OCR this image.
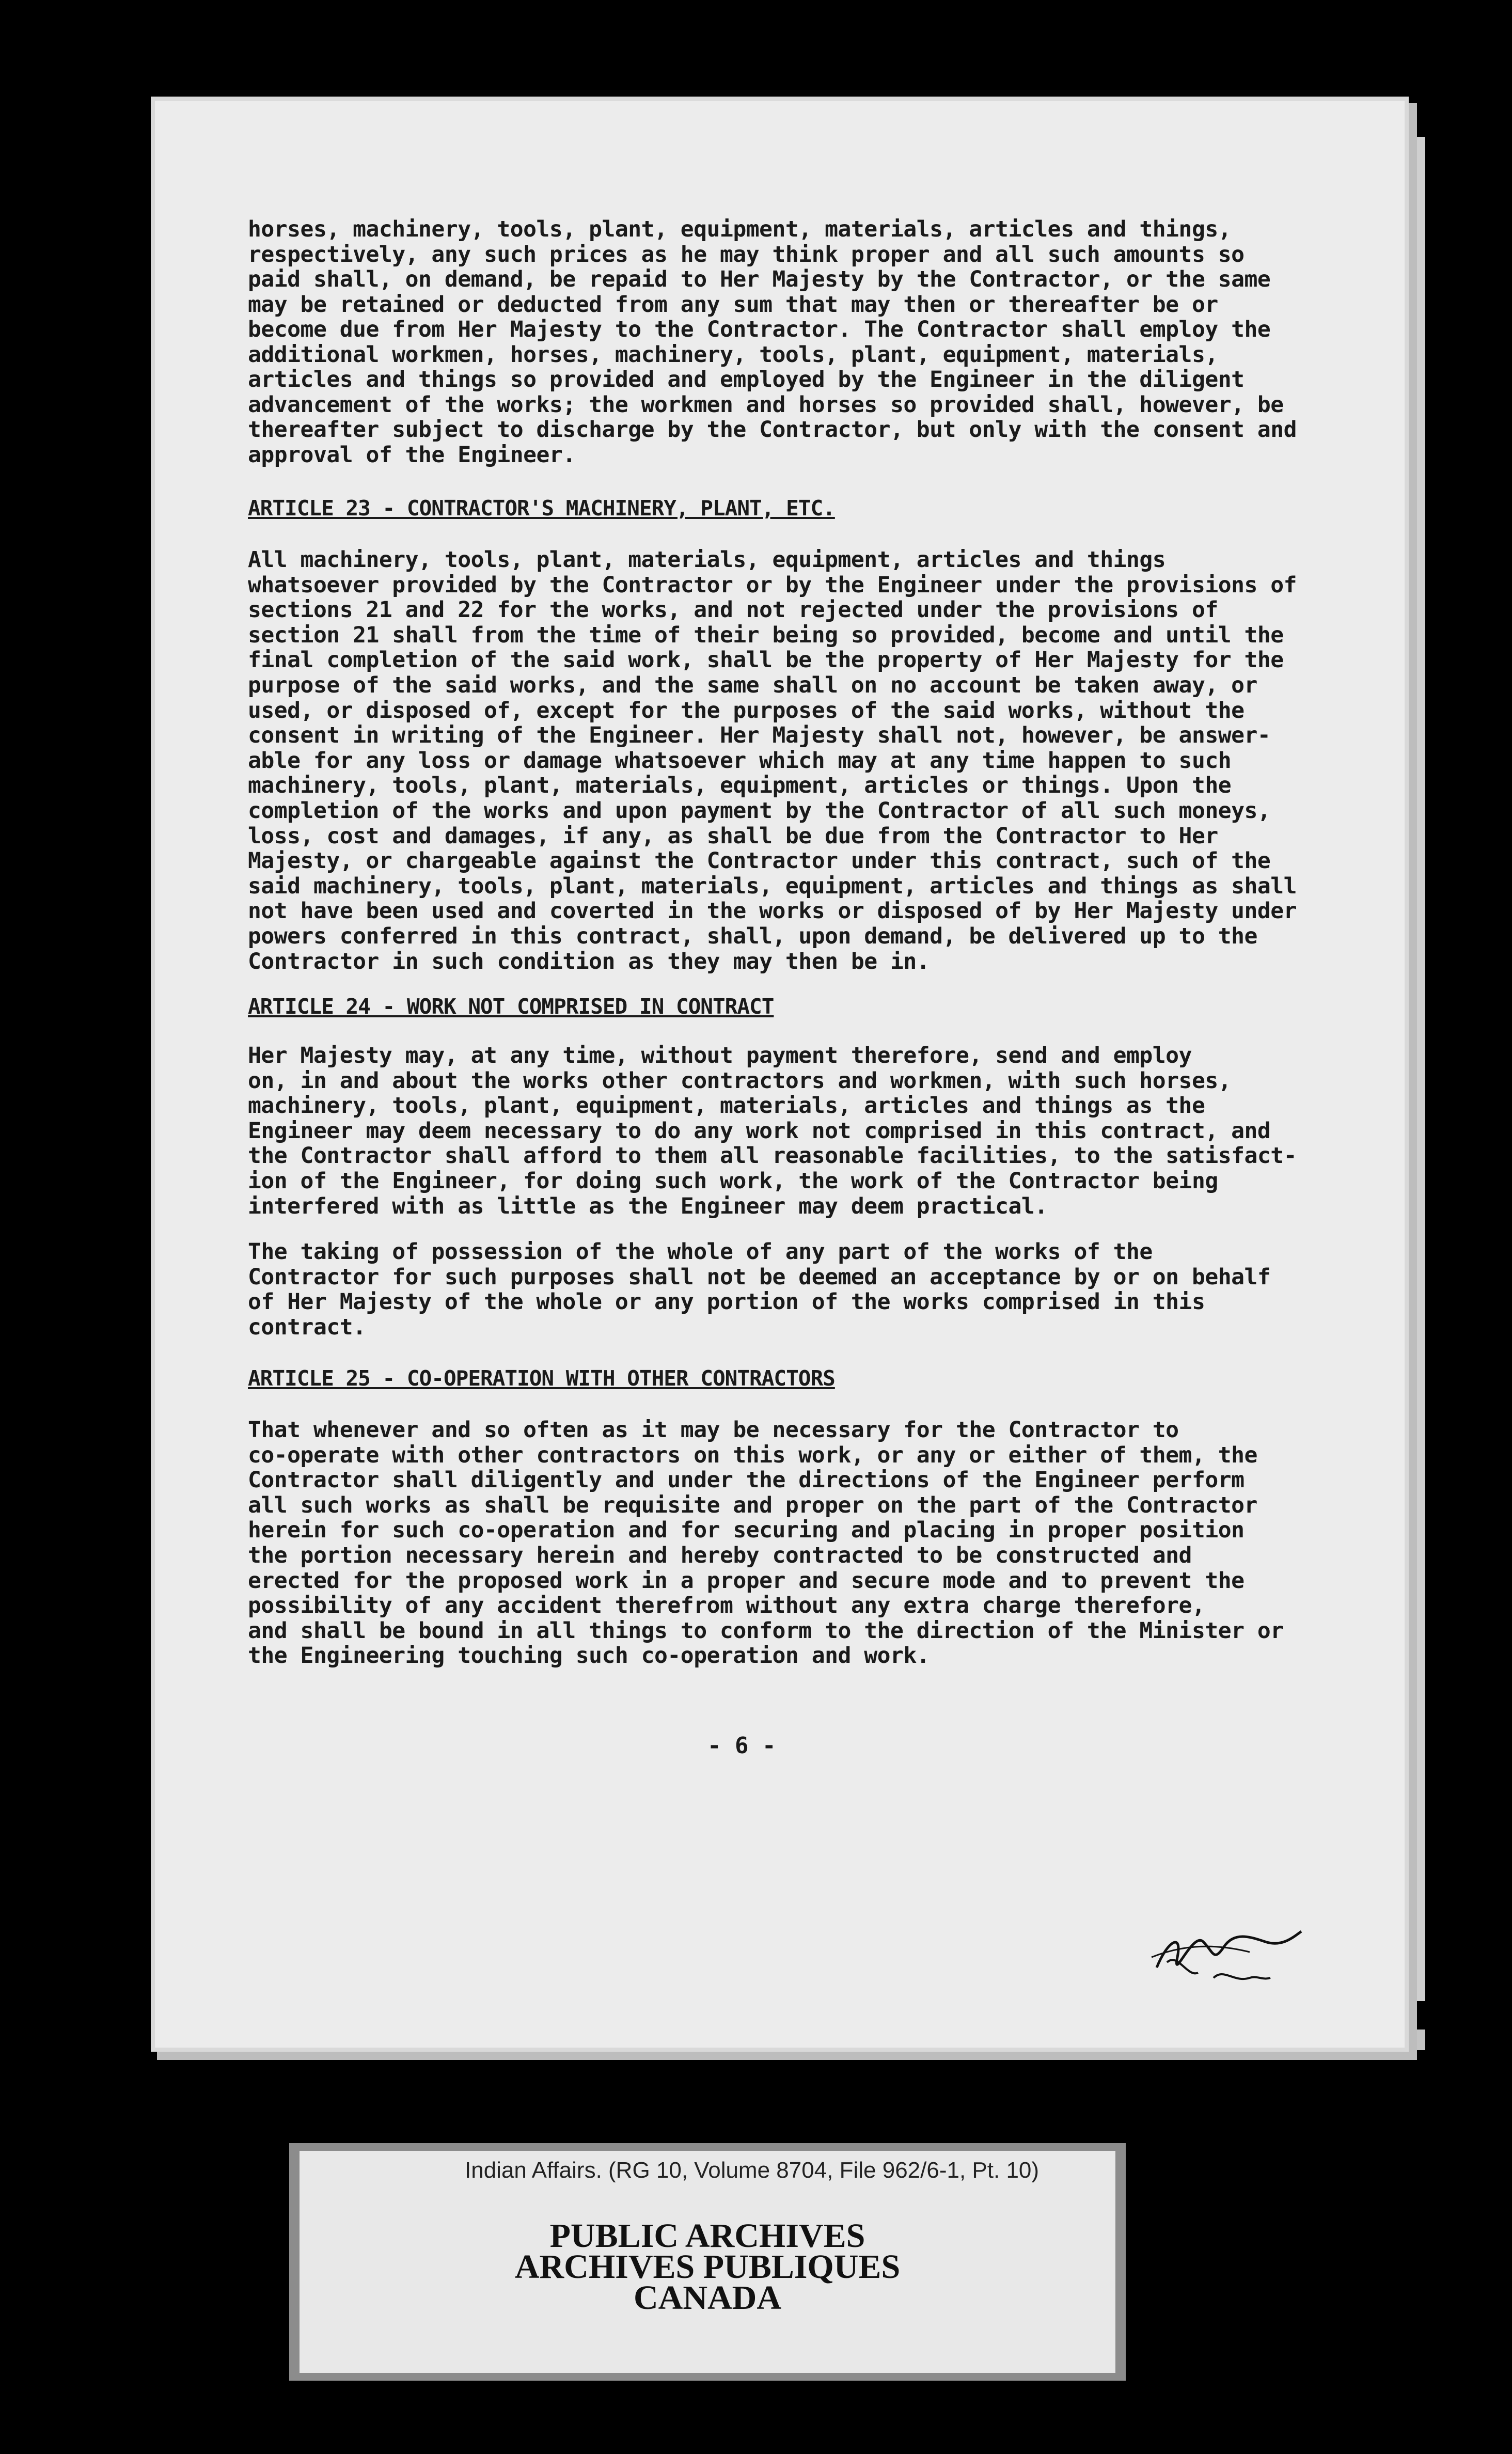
horses, machinery, tools, plant, equipment, materials, articles and things,
respectively, any such prices as he may think proper and all such amounts so
paid shall, on demand, be repaid to Her Majesty by the Contractor, or the same
may be retained or deducted from any sum that may then or thereafter be or
become due from Her Majesty to the Contractor. The Contractor shall employ the
additional workmen, horses, machinery, tools, plant, equipment, materials,
articles and things so provided and employed by the Engineer in the diligent
advancement of the works; the workmen and horses so provided shall, however, be
thereafter subject to discharge by the Contractor, but only with the consent and
approval of the Engineer.
ARTICLE 23 - CONTRACTOR'S MACHINERY, PLANT, ETC.
All machinery, tools, plant, materials, equipment, articles and things
whatsoever provided by the Contractor or by the Engineer under the provisions of
sections 21 and 22 for the works, and not rejected under the provisions of
section 21 shall from the time of their being so provided, become and until the
final completion of the said work, shall be the property of Her Majesty for the
purpose of the said works, and the same shall on no account be taken away, or
used, or disposed of, except for the purposes of the said works, without the
consent in writing of the Engineer. Her Majesty shall not, however, be answer-
able for any loss or damage whatsoever which may at any time happen to such
machinery, tools, plant, materials, equipment, articles or things. Upon the
completion of the works and upon payment by the Contractor of all such moneys,
loss, cost and damages, if any, as shall be due from the Contractor to Her
Majesty, or chargeable against the Contractor under this contract, such of the
said machinery, tools, plant, materials, equipment, articles and things as shall
not have been used and coverted in the works or disposed of by Her Majesty under
powers conferred in this contract, shall, upon demand, be delivered up to the
Contractor in such condition as they may then be in.
ARTICLE 24 - WORK NOT COMPRISED IN CONTRACT
Her Majesty may, at any time, without payment therefore, send and employ
on, in and about the works other contractors and workmen, with such horses,
machinery, tools, plant, equipment, materials, articles and things as the
Engineer may deem necessary to do any work not comprised in this contract, and
the Contractor shall afford to them all reasonable facilities, to the satisfact-
ion of the Engineer, for doing such work, the work of the Contractor being
interfered with as little as the Engineer may deem practical.
The taking of possession of the whole of any part of the works of the
Contractor for such purposes shall not be deemed an acceptance by or on behalf
of Her Majesty of the whole or any portion of the works comprised in this
contract.
ARTICLE 25 - CO-OPERATION WITH OTHER CONTRACTORS
That whenever and so often as it may be necessary for the Contractor to
co-operate with other contractors on this work, or any or either of them, the
Contractor shall diligently and under the directions of the Engineer perform
all such works as shall be requisite and proper on the part of the Contractor
herein for such co-operation and for securing and placing in proper position
the portion necessary herein and hereby contracted to be constructed and
erected for the proposed work in a proper and secure mode and to prevent the
possibility of any accident therefrom without any extra charge therefore,
and shall be bound in all things to conform to the direction of the Minister or
the Engineering touching such co-operation and work.
- 6 -
Indian Affairs. (RG 10, Volume 8704, File 962/6-1, Pt. 10)
PUBLIC ARCHIVES
ARCHIVES PUBLIQUES
CANADA
